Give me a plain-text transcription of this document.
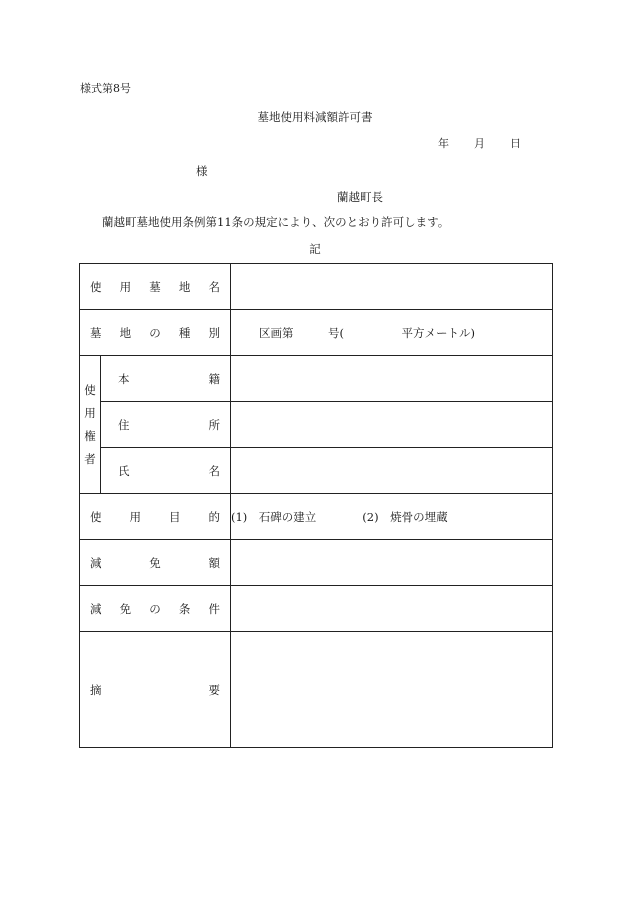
様式第8号
墓地使用料減額許可書
年 月 日
様
蘭越町長
蘭越町墓地使用条例第11条の規定により、次のとおり許可します。
記
使 用 墓 地 名		

墓 地 の 種 別		区画第　　　号(　　　　　平方メートル)

使
用
権
者	本 籍	

	住 所	

	氏 名	

使 用 目 的		(1)　石碑の建立　　　　(2)　焼骨の埋蔵

減 免 額		

減 免 の 条 件		

摘 要		
